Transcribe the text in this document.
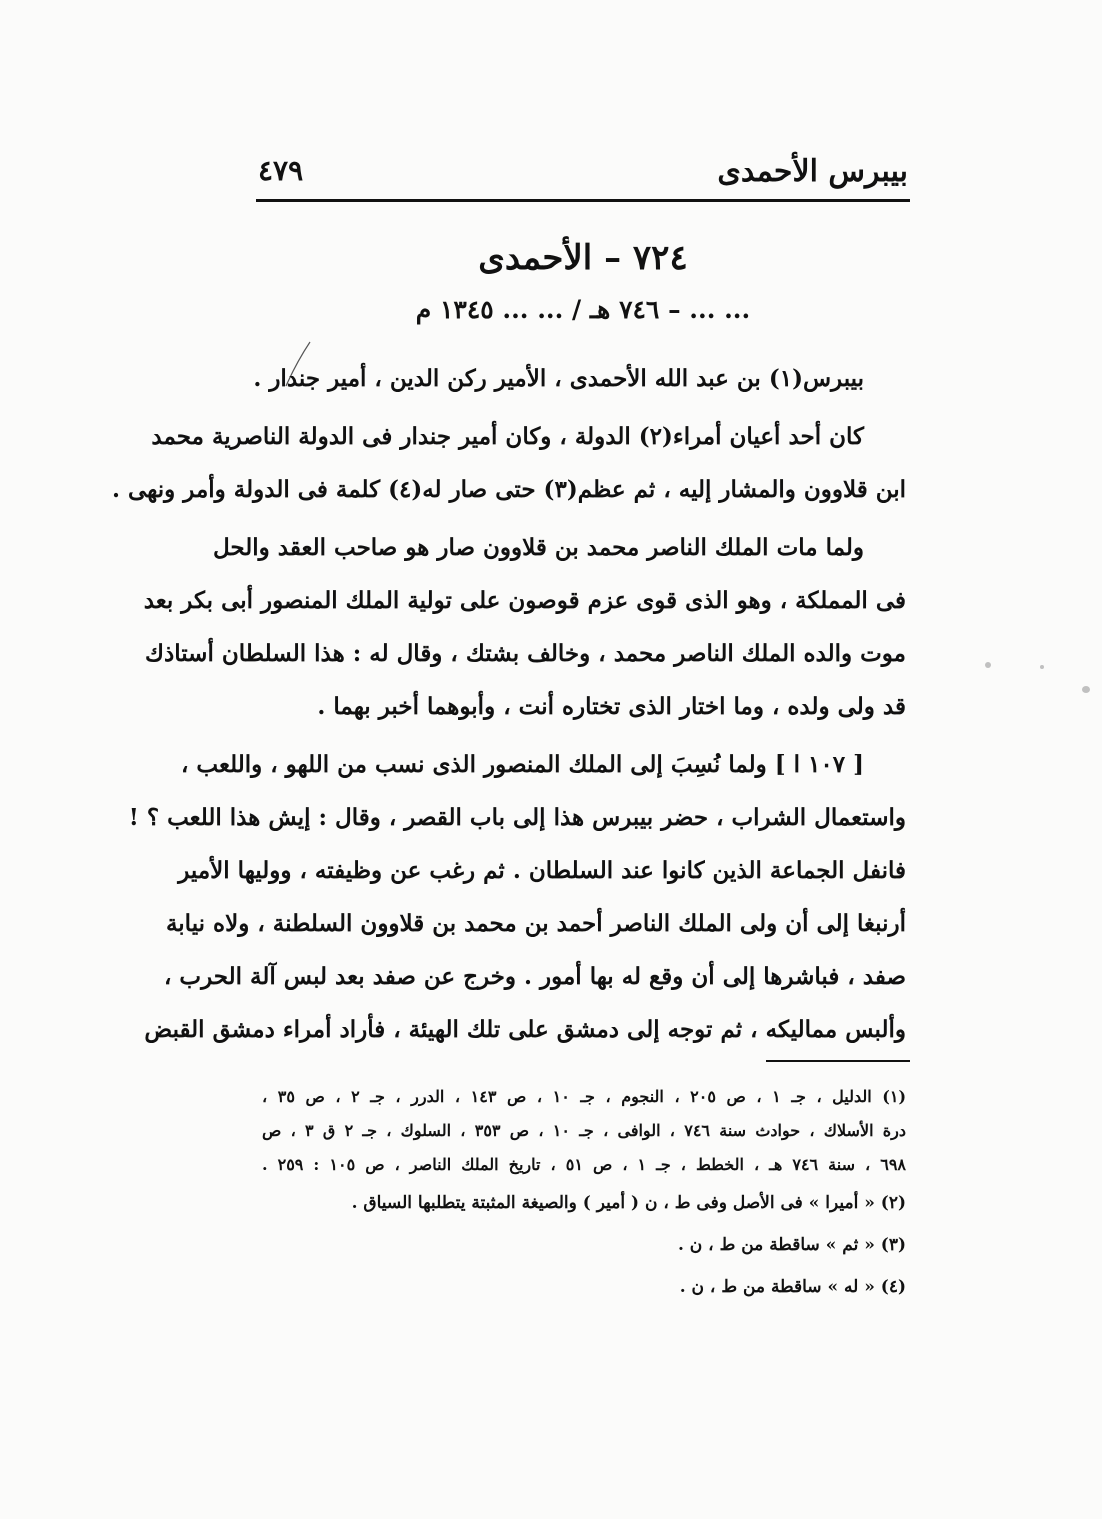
بيبرس الأحمدى
٤٧٩
٧٢٤ – الأحمدى
... ... – ٧٤٦ هـ / ... ... ١٣٤٥ م
بيبرس(١) بن عبد الله الأحمدى ، الأمير ركن الدين ، أمير جندار .
كان أحد أعيان أمراء(٢) الدولة ، وكان أمير جندار فى الدولة الناصرية محمد
ابن قلاوون والمشار إليه ، ثم عظم(٣) حتى صار له(٤) كلمة فى الدولة وأمر ونهى .
ولما مات الملك الناصر محمد بن قلاوون صار هو صاحب العقد والحل
فى المملكة ، وهو الذى قوى عزم قوصون على تولية الملك المنصور أبى بكر بعد
موت والده الملك الناصر محمد ، وخالف بشتك ، وقال له : هذا السلطان أستاذك
قد ولى ولده ، وما اختار الذى تختاره أنت ، وأبوهما أخبر بهما .
[ ١٠٧ ا ] ولما نُسِبَ إلى الملك المنصور الذى نسب من اللهو ، واللعب ،
واستعمال الشراب ، حضر بيبرس هذا إلى باب القصر ، وقال : إيش هذا اللعب ؟ !
فانفل الجماعة الذين كانوا عند السلطان . ثم رغب عن وظيفته ، ووليها الأمير
أرنبغا إلى أن ولى الملك الناصر أحمد بن محمد بن قلاوون السلطنة ، ولاه نيابة
صفد ، فباشرها إلى أن وقع له بها أمور . وخرج عن صفد بعد لبس آلة الحرب ،
وألبس مماليكه ، ثم توجه إلى دمشق على تلك الهيئة ، فأراد أمراء دمشق القبض
(١) الدليل ، جـ ١ ، ص ٢٠٥ ، النجوم ، جـ ١٠ ، ص ١٤٣ ، الدرر ، جـ ٢ ، ص ٣٥ ،
درة الأسلاك ، حوادث سنة ٧٤٦ ، الوافى ، جـ ١٠ ، ص ٣٥٣ ، السلوك ، جـ ٢ ق ٣ ، ص
٦٩٨ ، سنة ٧٤٦ هـ ، الخطط ، جـ ١ ، ص ٥١ ، تاريخ الملك الناصر ، ص ١٠٥ : ٢٥٩ .
(٢) « أميرا » فى الأصل وفى ط ، ن ( أمير ) والصيغة المثبتة يتطلبها السياق .
(٣) « ثم » ساقطة من ط ، ن .
(٤) « له » ساقطة من ط ، ن .
